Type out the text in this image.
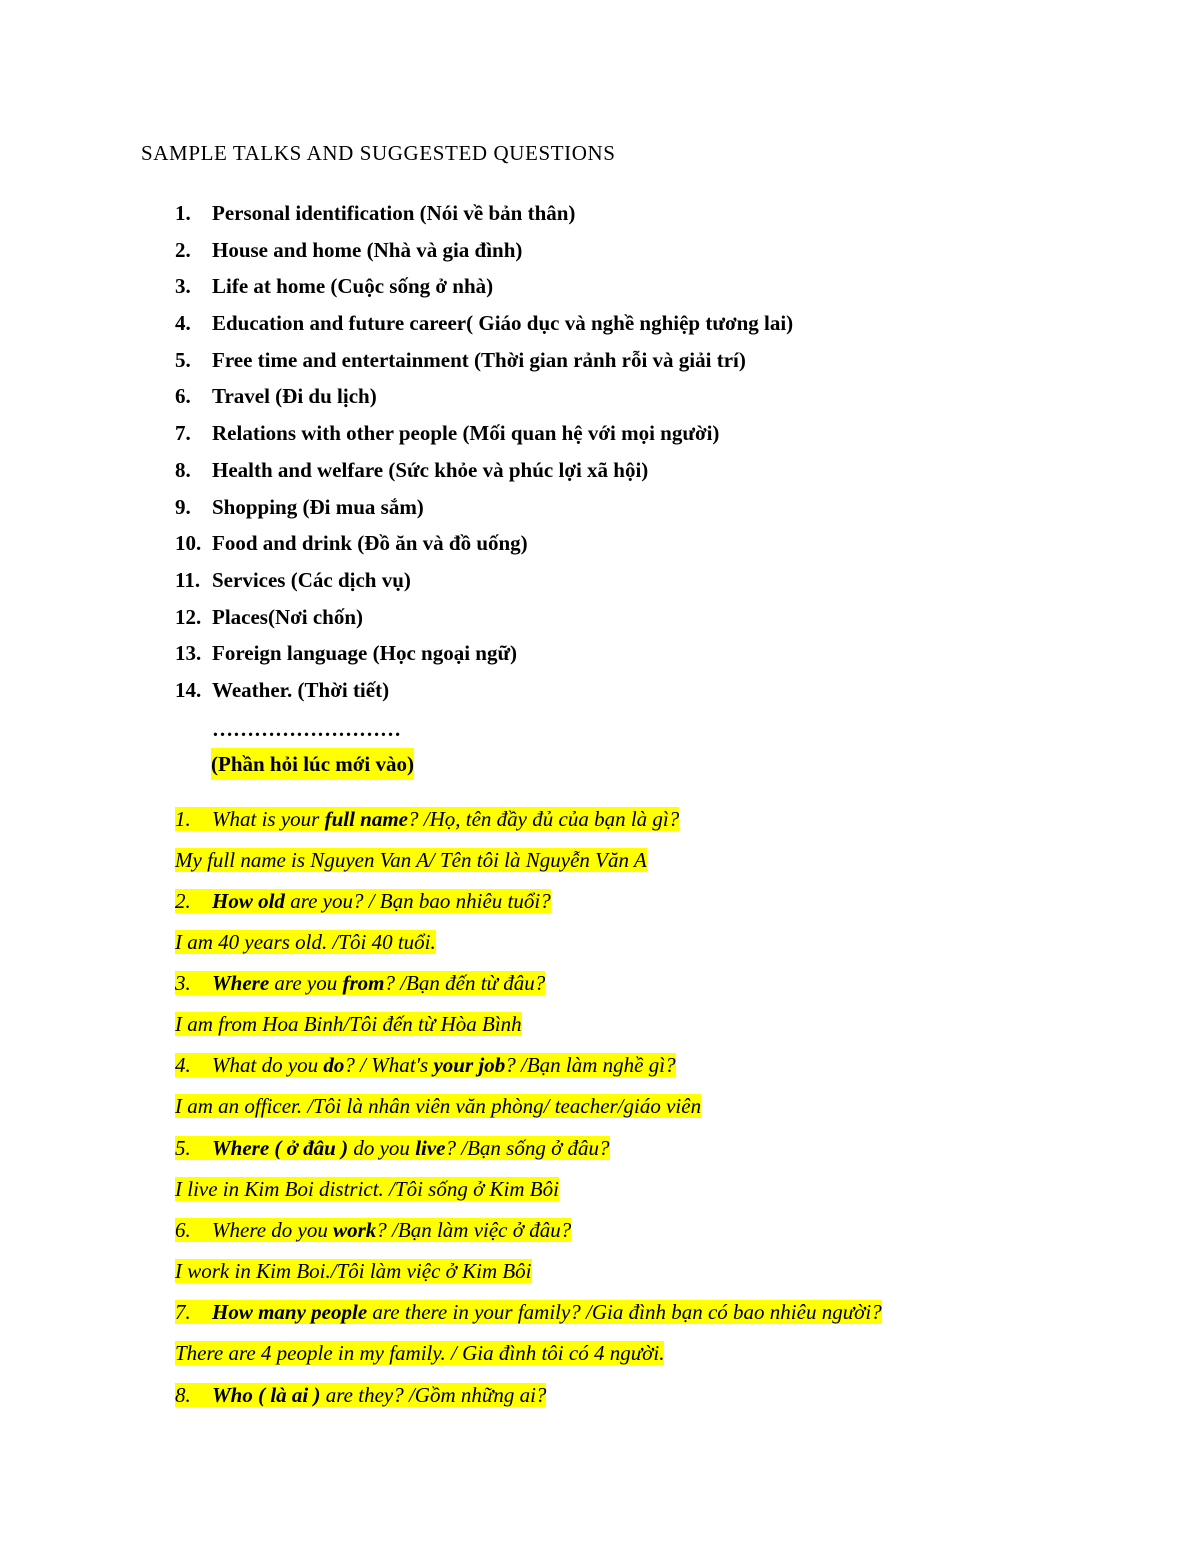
SAMPLE TALKS AND SUGGESTED QUESTIONS
1. Personal identification (Nói về bản thân)
2. House and home (Nhà và gia đình)
3. Life at home (Cuộc sống ở nhà)
4. Education and future career( Giáo dục và nghề nghiệp tương lai)
5. Free time and entertainment (Thời gian rảnh rỗi và giải trí)
6. Travel (Đi du lịch)
7. Relations with other people (Mối quan hệ với mọi người)
8. Health and welfare (Sức khỏe và phúc lợi xã hội)
9. Shopping (Đi mua sắm)
10. Food and drink (Đồ ăn và đồ uống)
11. Services (Các dịch vụ)
12. Places(Nơi chốn)
13. Foreign language (Học ngoại ngữ)
14. Weather. (Thời tiết)
………………………
(Phần hỏi lúc mới vào)
1. What is your full name? /Họ, tên đầy đủ của bạn là gì?
My full name is Nguyen Van A/ Tên tôi là Nguyễn Văn A
2. How old are you? / Bạn bao nhiêu tuổi?
I am 40 years old. /Tôi 40 tuổi.
3. Where are you from? /Bạn đến từ đâu?
I am from Hoa Binh/Tôi đến từ Hòa Bình
4. What do you do? / What's your job? /Bạn làm nghề gì?
I am an officer. /Tôi là nhân viên văn phòng/ teacher/giáo viên
5. Where ( ở đâu ) do you live? /Bạn sống ở đâu?
I live in Kim Boi district. /Tôi sống ở Kim Bôi
6. Where do you work? /Bạn làm việc ở đâu?
I work in Kim Boi./Tôi làm việc ở Kim Bôi
7. How many people are there in your family? /Gia đình bạn có bao nhiêu người?
There are 4 people in my family. / Gia đình tôi có 4 người.
8. Who ( là ai ) are they? /Gồm những ai?
